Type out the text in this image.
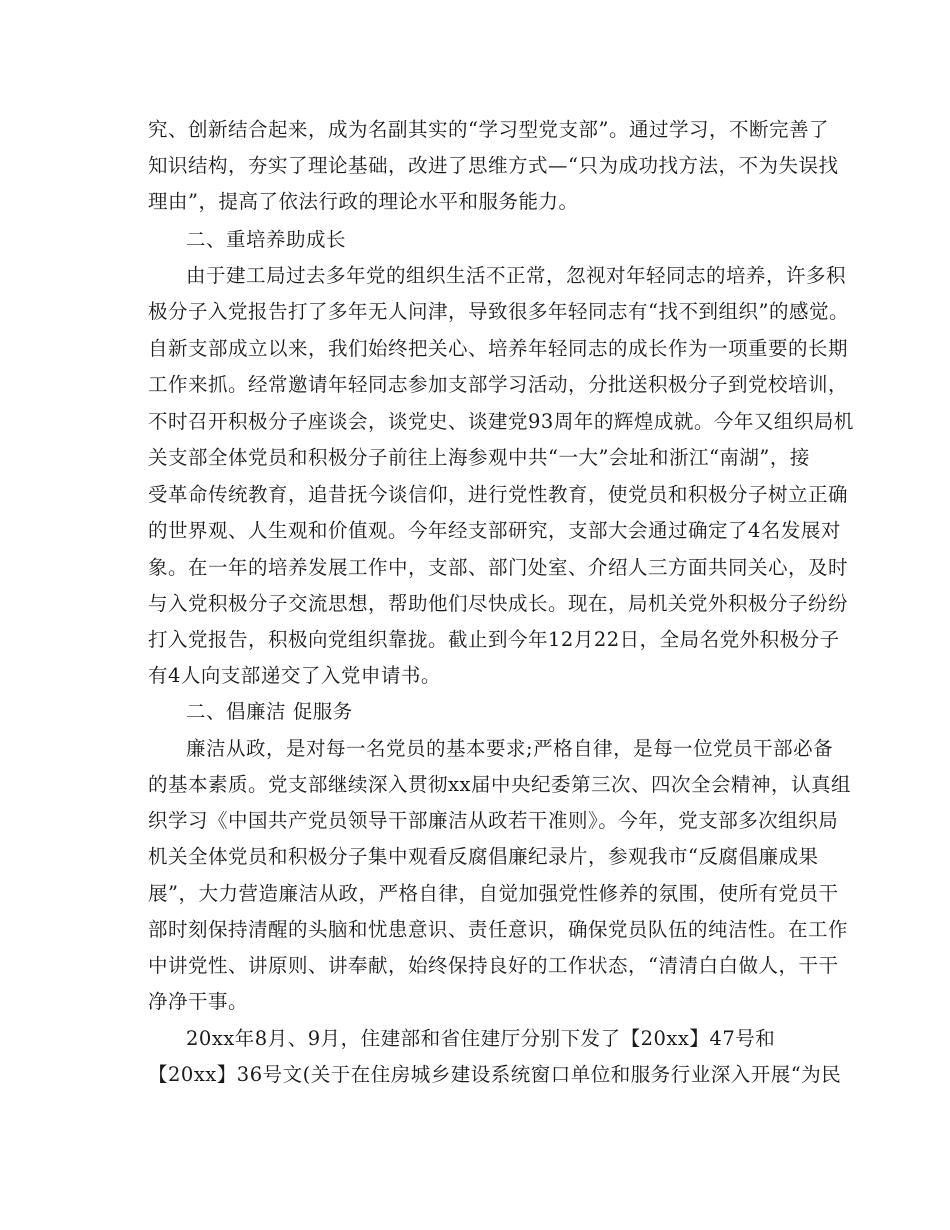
究、创新结合起来，成为名副其实的“学习型党支部”。通过学习，不断完善了
知识结构，夯实了理论基础，改进了思维方式—“只为成功找方法，不为失误找
理由”，提高了依法行政的理论水平和服务能力。
二、重培养助成长
由于建工局过去多年党的组织生活不正常，忽视对年轻同志的培养，许多积
极分子入党报告打了多年无人问津，导致很多年轻同志有“找不到组织”的感觉。
自新支部成立以来，我们始终把关心、培养年轻同志的成长作为一项重要的长期
工作来抓。经常邀请年轻同志参加支部学习活动，分批送积极分子到党校培训，
不时召开积极分子座谈会，谈党史、谈建党93周年的辉煌成就。今年又组织局机
关支部全体党员和积极分子前往上海参观中共“一大”会址和浙江“南湖”，接
受革命传统教育，追昔抚今谈信仰，进行党性教育，使党员和积极分子树立正确
的世界观、人生观和价值观。今年经支部研究，支部大会通过确定了4名发展对
象。在一年的培养发展工作中，支部、部门处室、介绍人三方面共同关心，及时
与入党积极分子交流思想，帮助他们尽快成长。现在，局机关党外积极分子纷纷
打入党报告，积极向党组织靠拢。截止到今年12月22日，全局名党外积极分子
有4人向支部递交了入党申请书。
二、倡廉洁 促服务
廉洁从政，是对每一名党员的基本要求;严格自律，是每一位党员干部必备
的基本素质。党支部继续深入贯彻xx届中央纪委第三次、四次全会精神，认真组
织学习《中国共产党员领导干部廉洁从政若干准则》。今年，党支部多次组织局
机关全体党员和积极分子集中观看反腐倡廉纪录片，参观我市“反腐倡廉成果
展”，大力营造廉洁从政，严格自律，自觉加强党性修养的氛围，使所有党员干
部时刻保持清醒的头脑和忧患意识、责任意识，确保党员队伍的纯洁性。在工作
中讲党性、讲原则、讲奉献，始终保持良好的工作状态，“清清白白做人，干干
净净干事。
20xx年8月、9月，住建部和省住建厅分别下发了【20xx】47号和
【20xx】36号文(关于在住房城乡建设系统窗口单位和服务行业深入开展“为民
